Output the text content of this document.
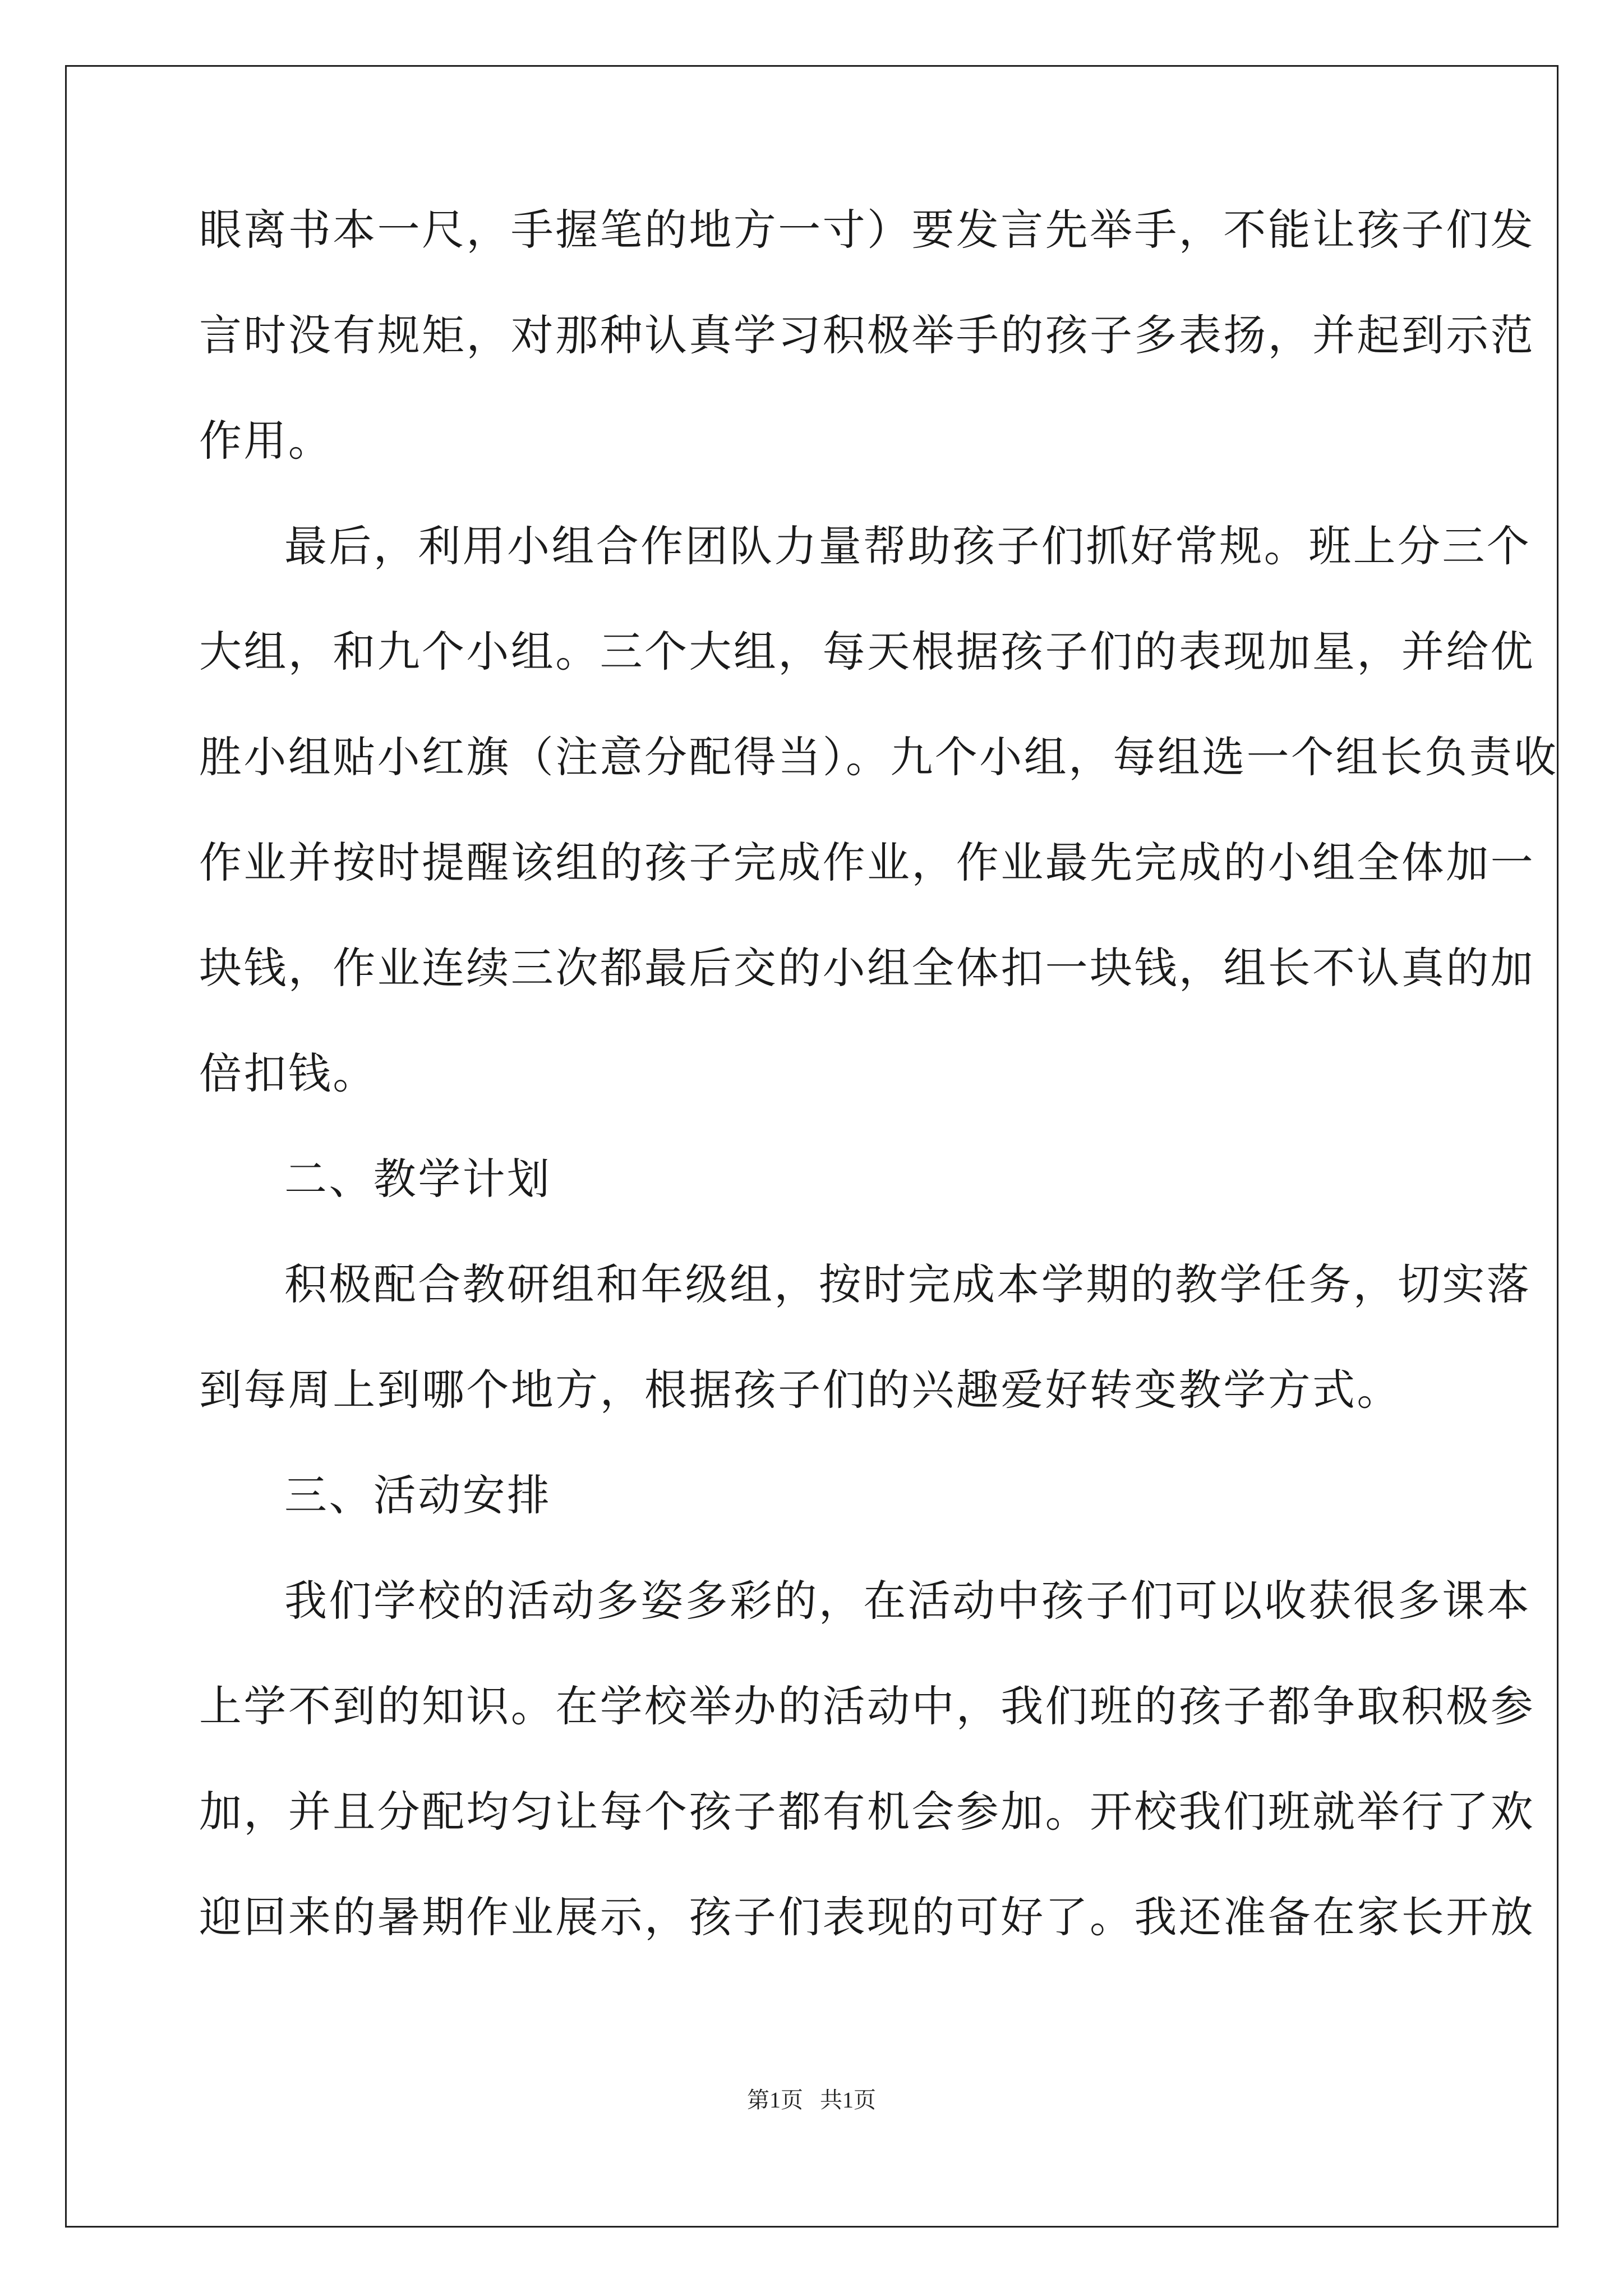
眼离书本一尺，手握笔的地方一寸）要发言先举手，不能让孩子们发
言时没有规矩，对那种认真学习积极举手的孩子多表扬，并起到示范
作用。
最后，利用小组合作团队力量帮助孩子们抓好常规。班上分三个
大组，和九个小组。三个大组，每天根据孩子们的表现加星，并给优
胜小组贴小红旗（注意分配得当）。九个小组，每组选一个组长负责收
作业并按时提醒该组的孩子完成作业，作业最先完成的小组全体加一
块钱，作业连续三次都最后交的小组全体扣一块钱，组长不认真的加
倍扣钱。
二、教学计划
积极配合教研组和年级组，按时完成本学期的教学任务，切实落
到每周上到哪个地方，根据孩子们的兴趣爱好转变教学方式。
三、活动安排
我们学校的活动多姿多彩的，在活动中孩子们可以收获很多课本
上学不到的知识。在学校举办的活动中，我们班的孩子都争取积极参
加，并且分配均匀让每个孩子都有机会参加。开校我们班就举行了欢
迎回来的暑期作业展示，孩子们表现的可好了。我还准备在家长开放
第1页   共1页
